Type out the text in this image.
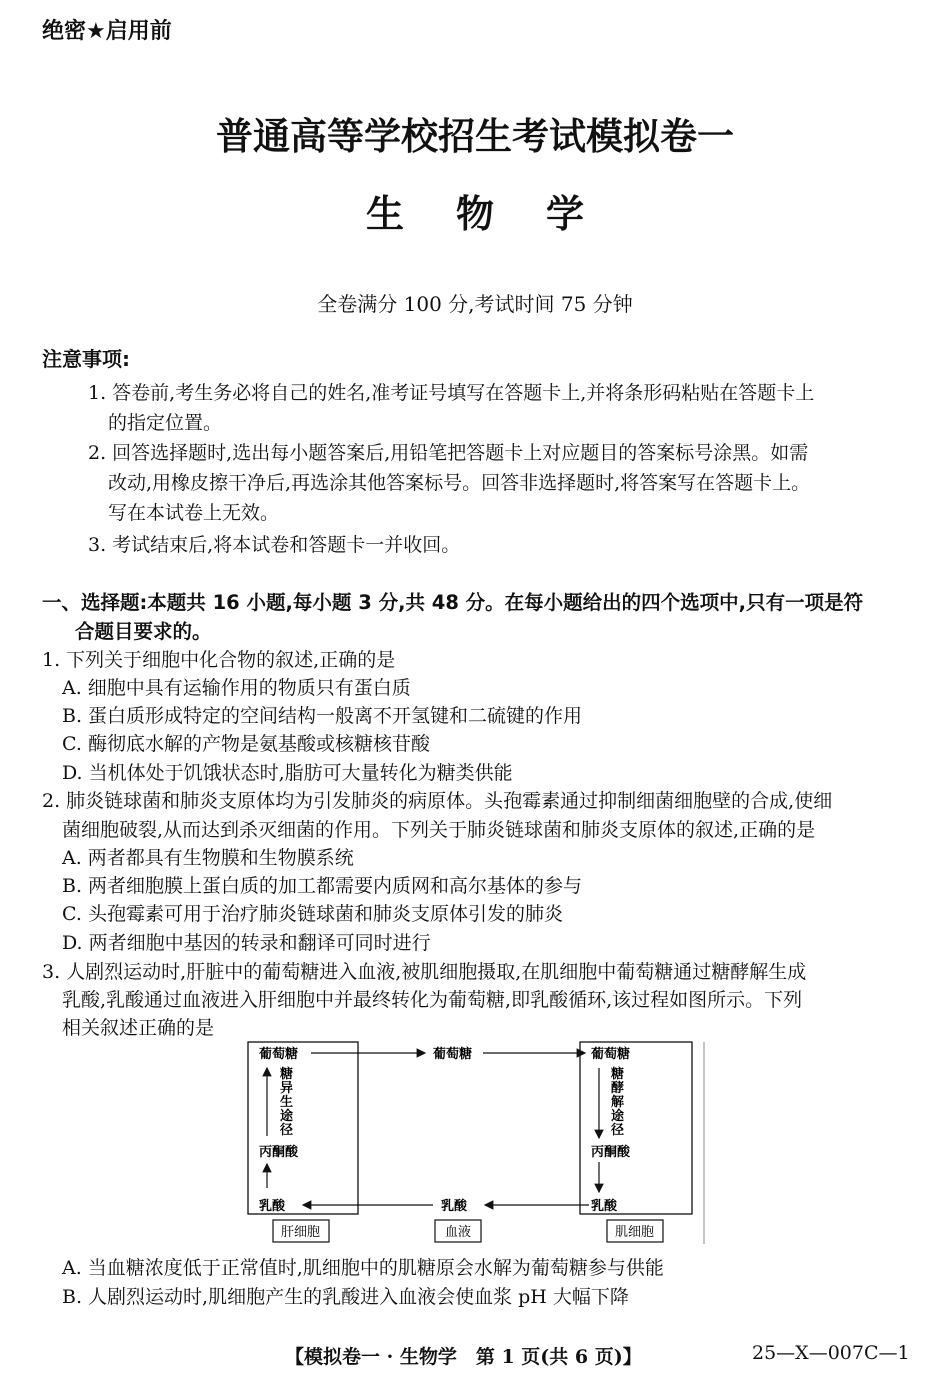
绝密★启用前
普通高等学校招生考试模拟卷一
生物学
全卷满分 100 分,考试时间 75 分钟
注意事项:
1. 答卷前,考生务必将自己的姓名,准考证号填写在答题卡上,并将条形码粘贴在答题卡上
的指定位置。
2. 回答选择题时,选出每小题答案后,用铅笔把答题卡上对应题目的答案标号涂黑。如需
改动,用橡皮擦干净后,再选涂其他答案标号。回答非选择题时,将答案写在答题卡上。
写在本试卷上无效。
3. 考试结束后,将本试卷和答题卡一并收回。
一、选择题:本题共 16 小题,每小题 3 分,共 48 分。在每小题给出的四个选项中,只有一项是符
合题目要求的。
1. 下列关于细胞中化合物的叙述,正确的是
A. 细胞中具有运输作用的物质只有蛋白质
B. 蛋白质形成特定的空间结构一般离不开氢键和二硫键的作用
C. 酶彻底水解的产物是氨基酸或核糖核苷酸
D. 当机体处于饥饿状态时,脂肪可大量转化为糖类供能
2. 肺炎链球菌和肺炎支原体均为引发肺炎的病原体。头孢霉素通过抑制细菌细胞壁的合成,使细
菌细胞破裂,从而达到杀灭细菌的作用。下列关于肺炎链球菌和肺炎支原体的叙述,正确的是
A. 两者都具有生物膜和生物膜系统
B. 两者细胞膜上蛋白质的加工都需要内质网和高尔基体的参与
C. 头孢霉素可用于治疗肺炎链球菌和肺炎支原体引发的肺炎
D. 两者细胞中基因的转录和翻译可同时进行
3. 人剧烈运动时,肝脏中的葡萄糖进入血液,被肌细胞摄取,在肌细胞中葡萄糖通过糖酵解生成
乳酸,乳酸通过血液进入肝细胞中并最终转化为葡萄糖,即乳酸循环,该过程如图所示。下列
相关叙述正确的是
葡萄糖	葡萄糖	葡萄糖
糖
异
生
途
径
糖
酵
解
途
径
丙酮酸	丙酮酸
乳酸	乳酸	乳酸
肝细胞	血液	肌细胞
A. 当血糖浓度低于正常值时,肌细胞中的肌糖原会水解为葡萄糖参与供能
B. 人剧烈运动时,肌细胞产生的乳酸进入血液会使血浆 pH 大幅下降
【模拟卷一 · 生物学　第 1 页(共 6 页)】	25—X—007C—1
